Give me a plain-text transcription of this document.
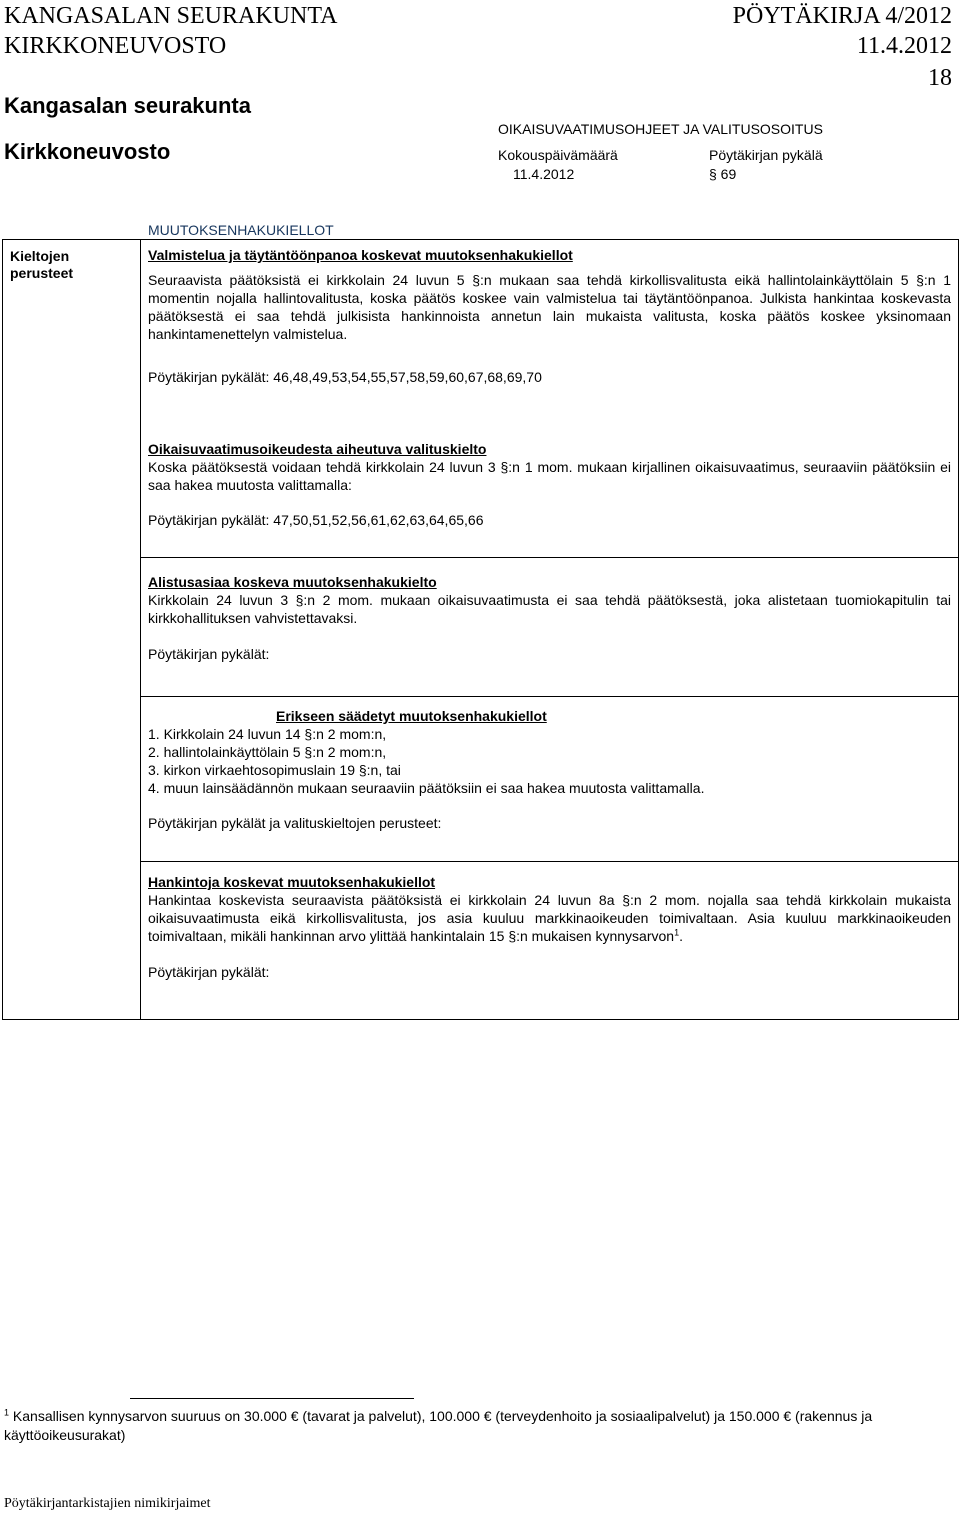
KANGASALAN SEURAKUNTA	PÖYTÄKIRJA 4/2012
KIRKKONEUVOSTO	11.4.2012
18
Kangasalan seurakunta
Kirkkoneuvosto
OIKAISUVAATIMUSOHJEET JA VALITUSOSOITUS
Kokouspäivämäärä	Pöytäkirjan pykälä
11.4.2012	§ 69
MUUTOKSENHAKUKIELLOT
Kieltojen perusteet
Valmistelua ja täytäntöönpanoa koskevat muutoksenhakukiellot
Seuraavista päätöksistä ei kirkkolain 24 luvun 5 §:n mukaan saa tehdä kirkollisvalitusta eikä hallintolainkäyttölain 5 §:n 1 momentin nojalla hallintovalitusta, koska päätös koskee vain valmistelua tai täytäntöönpanoa. Julkista hankintaa koskevasta päätöksestä ei saa tehdä julkisista hankinnoista annetun lain mukaista valitusta, koska päätös koskee yksinomaan hankintamenettelyn valmistelua.
Pöytäkirjan pykälät: 46,48,49,53,54,55,57,58,59,60,67,68,69,70
Oikaisuvaatimusoikeudesta aiheutuva valituskielto
Koska päätöksestä voidaan tehdä kirkkolain 24 luvun 3 §:n 1 mom. mukaan kirjallinen oikaisuvaatimus, seuraaviin päätöksiin ei saa hakea muutosta valittamalla:
Pöytäkirjan pykälät: 47,50,51,52,56,61,62,63,64,65,66
Alistusasiaa koskeva muutoksenhakukielto
Kirkkolain 24 luvun 3 §:n 2 mom. mukaan oikaisuvaatimusta ei saa tehdä päätöksestä, joka alistetaan tuomiokapitulin tai kirkkohallituksen vahvistettavaksi.
Pöytäkirjan pykälät:
Erikseen säädetyt muutoksenhakukiellot
1. Kirkkolain 24 luvun 14 §:n 2 mom:n,
2. hallintolainkäyttölain 5 §:n 2 mom:n,
3. kirkon virkaehtosopimuslain 19 §:n, tai
4. muun lainsäädännön mukaan seuraaviin päätöksiin ei saa hakea muutosta valittamalla.
Pöytäkirjan pykälät ja valituskieltojen perusteet:
Hankintoja koskevat muutoksenhakukiellot
Hankintaa koskevista seuraavista päätöksistä ei kirkkolain 24 luvun 8a §:n 2 mom. nojalla saa tehdä kirkkolain mukaista oikaisuvaatimusta eikä kirkollisvalitusta, jos asia kuuluu markkinaoikeuden toimivaltaan. Asia kuuluu markkinaoikeuden toimivaltaan, mikäli hankinnan arvo ylittää hankintalain 15 §:n mukaisen kynnysarvon$^1$.
Pöytäkirjan pykälät:
$^1$ Kansallisen kynnysarvon suuruus on 30.000 € (tavarat ja palvelut), 100.000 € (terveydenhoito ja sosiaalipalvelut) ja 150.000 € (rakennus ja käyttöoikeusurakat)
Pöytäkirjantarkistajien nimikirjaimet
